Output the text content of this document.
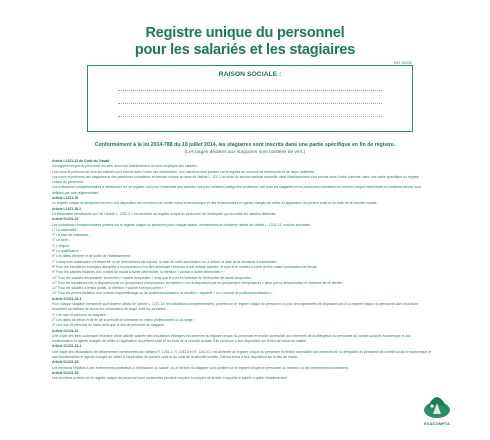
Registre unique du personnel
pour les salariés et les stagiaires
Réf. 6620E
RAISON SOCIALE :
Conformément à la loi 2014-788 du 10 juillet 2014, les stagiaires sont inscrits dans une partie spécifique en fin de registre.
(Les pages dédiées aux stagiaires sont bordées de vert.)

Article L1221-13 du Code du Travail

Un registre unique du personnel est tenu dans tout établissement où sont employés des salariés.

Les noms et prénoms de tous les salariés sont inscrits dans l'ordre des embauches. Ces mentions sont portées sur le registre au moment de l'embauche et de façon indélébile.

Les noms et prénoms des stagiaires et des personnes volontaires en service civique au sens de l'article L. 120-1 du code du service national accueillis dans l'établissement sont inscrits dans l'ordre d'arrivée, dans une partie spécifique du registre

unique du personnel.

Les indications complémentaires à mentionner sur ce registre, soit pour l'ensemble des salariés, soit pour certaines catégories seulement, soit pour les stagiaires et les personnes volontaires en service civique mentionnés au troisième alinéa, sont

définies par voie réglementaire.

Article L1221-15

Le registre unique du personnel est tenu à la disposition des membres du comité social et économique et des fonctionnaires et agents chargés de veiller à l'application du présent code et du code de la sécurité sociale.

Article L1221-15-1

La déclaration mentionnée au I de l'article L. 1262-2-1 est annexée au registre unique du personnel de l'entreprise qui accueille les salariés détachés.

Article D1221-23

Les indications complémentaires portées sur le registre unique du personnel pour chaque salarié, mentionnées au troisième alinéa de l'article L. 1221-13, sont les suivantes :

1° La nationalité ;

2° La date de naissance ;

3° Le sexe ;

4° L'emploi ;

5° La qualification ;

6° Les dates d'entrée et de sortie de l'établissement ;

7° Lorsqu'une autorisation d'embauche ou de licenciement est requise, la date de cette autorisation ou, à défaut, la date de la demande d'autorisation ;

8° Pour les travailleurs étrangers assujettis à la possession d'un titre autorisant l'exercice d'une activité salariée, le type et le numéro d'ordre du titre valant autorisation de travail ;

9° Pour les salariés titulaires d'un contrat de travail à durée déterminée, la mention « contrat à durée déterminée » ;

10° Pour les salariés temporaires, la mention « salarié temporaire » ainsi que le nom et l'adresse de l'entreprise de travail temporaire ;

11° Pour les travailleurs mis à disposition par un groupement d'employeurs, la mention « mis à disposition par un groupement d'employeurs » ainsi que la dénomination et l'adresse de ce dernier ;

12° Pour les salariés à temps partiel, la mention « salarié à temps partiel » ;

13° Pour les jeunes titulaires d'un contrat d'apprentissage ou de professionnalisation, la mention « apprenti » ou « contrat de professionnalisation ».

Article D1221-23-1

Pour chaque stagiaire mentionné au troisième alinéa de l'article L. 1221-13, les indications complémentaires, portées sur le registre unique du personnel ou pour les organismes ne disposant pas d'un registre unique du personnel dans tout autre

document permettant de suivre les conventions de stage, sont les suivantes :

1° Les nom et prénoms du stagiaire ;

2° Les dates de début et de fin de la période de formation en milieu professionnel ou du stage ;

3° Les nom et prénoms du tuteur ainsi que le lieu de présence du stagiaire.

Article D1221-24

Une copie des titres autorisant l'exercice d'une activité salariée des travailleurs étrangers est annexée au registre unique du personnel et rendue accessible aux membres de la délégation du personnel du comité social et économique et aux

fonctionnaires et agents chargés de veiller à l'application du présent code et du code de la sécurité sociale. Elle est tenue à leur disposition sur le lieu de travail du salarié.

Article D1221-24-1

Une copie des déclarations de détachement mentionnées aux articles R. 1263-3, R. 1263-6 et R. 1263-6-1 est annexée au registre unique du personnel et rendue accessible aux membres de la délégation du personnel du comité social et économique et

aux fonctionnaires et agents chargés de veiller à l'application du présent code et du code de la sécurité sociale. Elle est tenue à leur disposition sur le lieu de travail.

Article D1221-25

Les mentions relatives à des événements postérieurs à l'embauche du salarié, ou à l'arrivée du stagiaire sont portées sur le registre unique du personnel au moment où ces événements surviennent.

Article D1221-26

Les mentions portées sur le registre unique du personnel sont conservées pendant cinq ans à compter de la date à laquelle le salarié a quitté l'établissement.

EXACOMPTA
